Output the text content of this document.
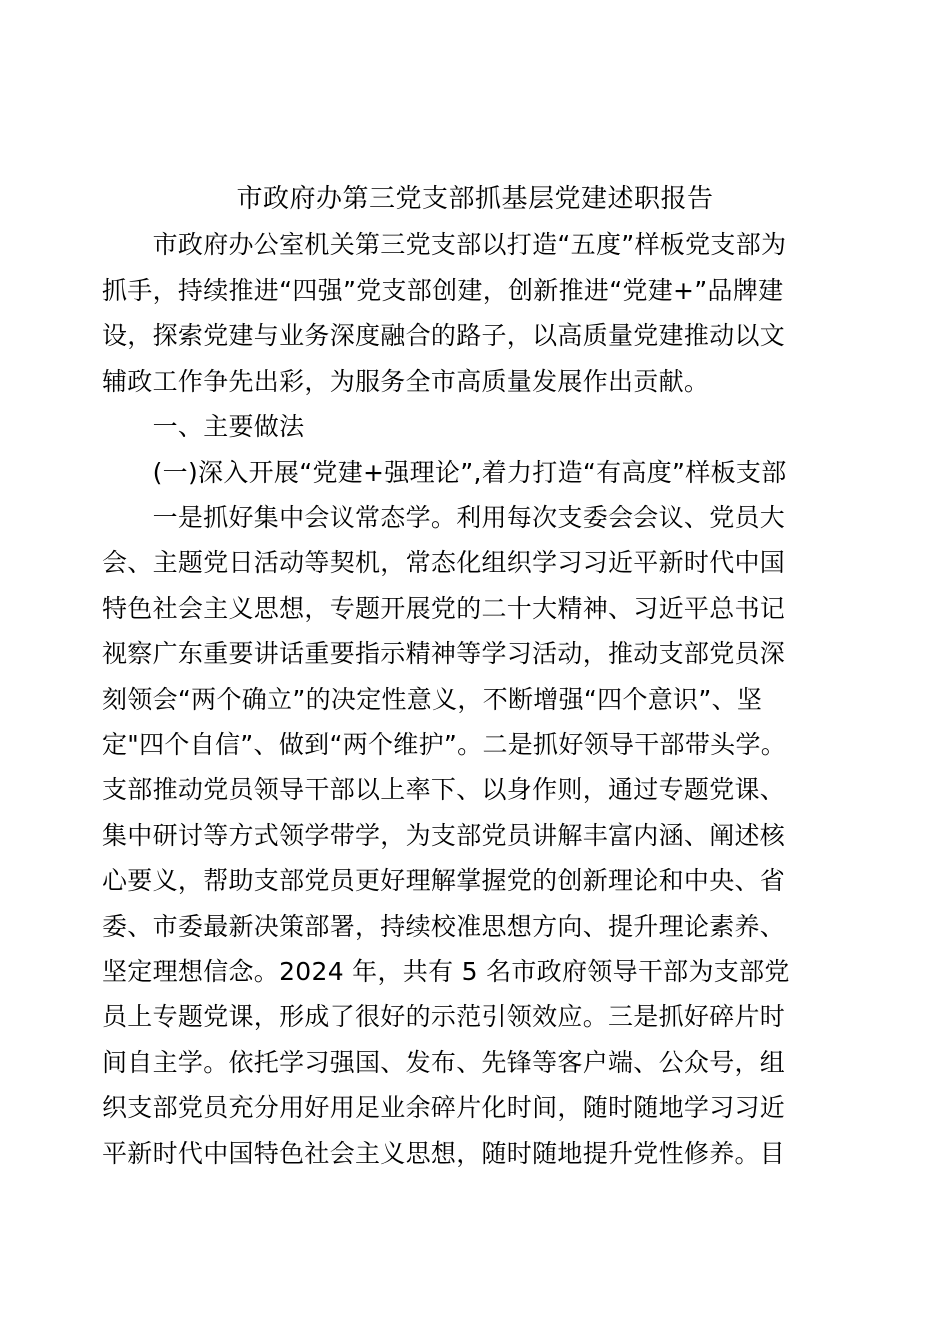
市政府办第三党支部抓基层党建述职报告
　　市政府办公室机关第三党支部以打造“五度”样板党支部为
抓手，持续推进“四强”党支部创建，创新推进“党建+”品牌建
设，探索党建与业务深度融合的路子，以高质量党建推动以文
辅政工作争先出彩，为服务全市高质量发展作出贡献。
　　一、主要做法
　　(一)深入开展“党建+强理论”,着力打造“有高度”样板支部
　　一是抓好集中会议常态学。利用每次支委会会议、党员大
会、主题党日活动等契机，常态化组织学习习近平新时代中国
特色社会主义思想，专题开展党的二十大精神、习近平总书记
视察广东重要讲话重要指示精神等学习活动，推动支部党员深
刻领会“两个确立”的决定性意义，不断增强“四个意识”、坚
定"四个自信”、做到“两个维护”。二是抓好领导干部带头学。
支部推动党员领导干部以上率下、以身作则，通过专题党课、
集中研讨等方式领学带学，为支部党员讲解丰富内涵、阐述核
心要义，帮助支部党员更好理解掌握党的创新理论和中央、省
委、市委最新决策部署，持续校准思想方向、提升理论素养、
坚定理想信念。2024 年，共有 5 名市政府领导干部为支部党
员上专题党课，形成了很好的示范引领效应。三是抓好碎片时
间自主学。依托学习强国、发布、先锋等客户端、公众号，组
织支部党员充分用好用足业余碎片化时间，随时随地学习习近
平新时代中国特色社会主义思想，随时随地提升党性修养。目
